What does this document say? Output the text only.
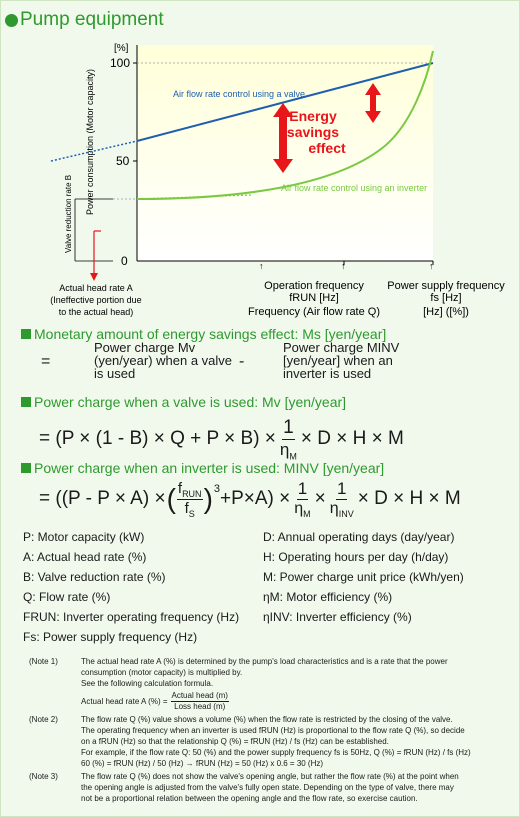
Pump equipment
[%]
100
50
0
Power consumption (Motor capacity)
Valve reduction rate B
Air flow rate control using a valve
Air flow rate control using an inverter
Energy
savings
effect
↑	↑	↑
Actual head rate A
(Ineffective portion due
to the actual head)
Operation frequency
fRUN [Hz]
Frequency (Air flow rate Q)
Power supply frequency
fs [Hz]
[Hz] ([%])
Monetary amount of energy savings effect: Ms [yen/year]
=
Power charge Mv
(yen/year) when a valve
is used
-
Power charge MINV
[yen/year] when an
inverter is used
Power charge when a valve is used: Mv [yen/year]
= $(P \times (1 - B) \times Q + P \times B) \times \frac{1}{\eta_M} \times D \times H \times M$
Power charge when an inverter is used: MINV [yen/year]
= ((P - P × A) × ( $\frac{f_{RUN}}{f_S} )^3 +P\times A) \times \frac{1}{\eta_M} \times \frac{1}{\eta_{INV}} \times D \times H \times M$
P: Motor capacity (kW)	D: Annual operating days (day/year)
A: Actual head rate (%)	H: Operating hours per day (h/day)
B: Valve reduction rate (%)	M: Power charge unit price (kWh/yen)
Q: Flow rate (%)	ηM: Motor efficiency (%)
FRUN: Inverter operating frequency (Hz) ηINV: Inverter efficiency (%)
Fs: Power supply frequency (Hz)
(Note 1)	The actual head rate A (%) is determined by the pump's load characteristics and is a rate that the power
consumption (motor capacity) is multiplied by.
See the following calculation formula.
Actual head rate A (%) = $\frac{\text{Actual head (m)}}{\text{Loss head (m)}}$
(Note 2)	The flow rate Q (%) value shows a volume (%) when the flow rate is restricted by the closing of the valve.
The operating frequency when an inverter is used fRUN (Hz) is proportional to the flow rate Q (%), so decide
on a fRUN (Hz) so that the relationship Q (%) = fRUN (Hz) / fs (Hz) can be established.
For example, if the flow rate Q: 50 (%) and the power supply frequency fs is 50Hz, Q (%) = fRUN (Hz) / fs (Hz)
60 (%) = fRUN (Hz) / 50 (Hz) → fRUN (Hz) = 50 (Hz) x 0.6 = 30 (Hz)
(Note 3)	The flow rate Q (%) does not show the valve's opening angle, but rather the flow rate (%) at the point when
the opening angle is adjusted from the valve's fully open state. Depending on the type of valve, there may
not be a proportional relation between the opening angle and the flow rate, so exercise caution.
